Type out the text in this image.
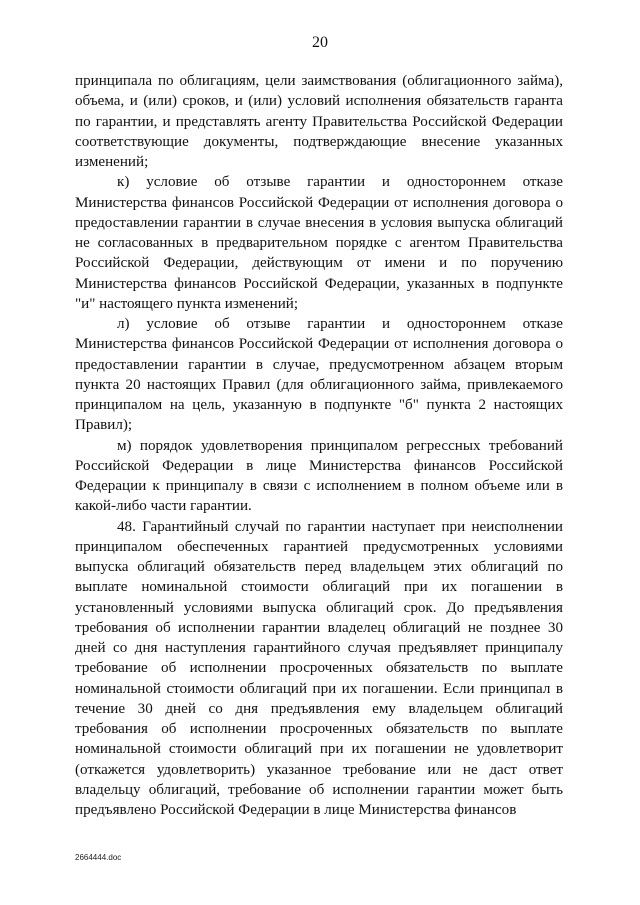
20

принципала по облигациям, цели заимствования (облигационного займа), объема, и (или) сроков, и (или) условий исполнения обязательств гаранта по гарантии, и представлять агенту Правительства Российской Федерации соответствующие документы, подтверждающие внесение указанных изменений;

к) условие об отзыве гарантии и одностороннем отказе Министерства финансов Российской Федерации от исполнения договора о предоставлении гарантии в случае внесения в условия выпуска облигаций не согласованных в предварительном порядке с агентом Правительства Российской Федерации, действующим от имени и по поручению Министерства финансов Российской Федерации, указанных в подпункте "и" настоящего пункта изменений;

л) условие об отзыве гарантии и одностороннем отказе Министерства финансов Российской Федерации от исполнения договора о предоставлении гарантии в случае, предусмотренном абзацем вторым пункта 20 настоящих Правил (для облигационного займа, привлекаемого принципалом на цель, указанную в подпункте "б" пункта 2 настоящих Правил);

м) порядок удовлетворения принципалом регрессных требований Российской Федерации в лице Министерства финансов Российской Федерации к принципалу в связи с исполнением в полном объеме или в какой-либо части гарантии.

48. Гарантийный случай по гарантии наступает при неисполнении принципалом обеспеченных гарантией предусмотренных условиями выпуска облигаций обязательств перед владельцем этих облигаций по выплате номинальной стоимости облигаций при их погашении в установленный условиями выпуска облигаций срок. До предъявления требования об исполнении гарантии владелец облигаций не позднее 30 дней со дня наступления гарантийного случая предъявляет принципалу требование об исполнении просроченных обязательств по выплате номинальной стоимости облигаций при их погашении. Если принципал в течение 30 дней со дня предъявления ему владельцем облигаций требования об исполнении просроченных обязательств по выплате номинальной стоимости облигаций при их погашении не удовлетворит (откажется удовлетворить) указанное требование или не даст ответ владельцу облигаций, требование об исполнении гарантии может быть предъявлено Российской Федерации в лице Министерства финансов

2664444.doc
